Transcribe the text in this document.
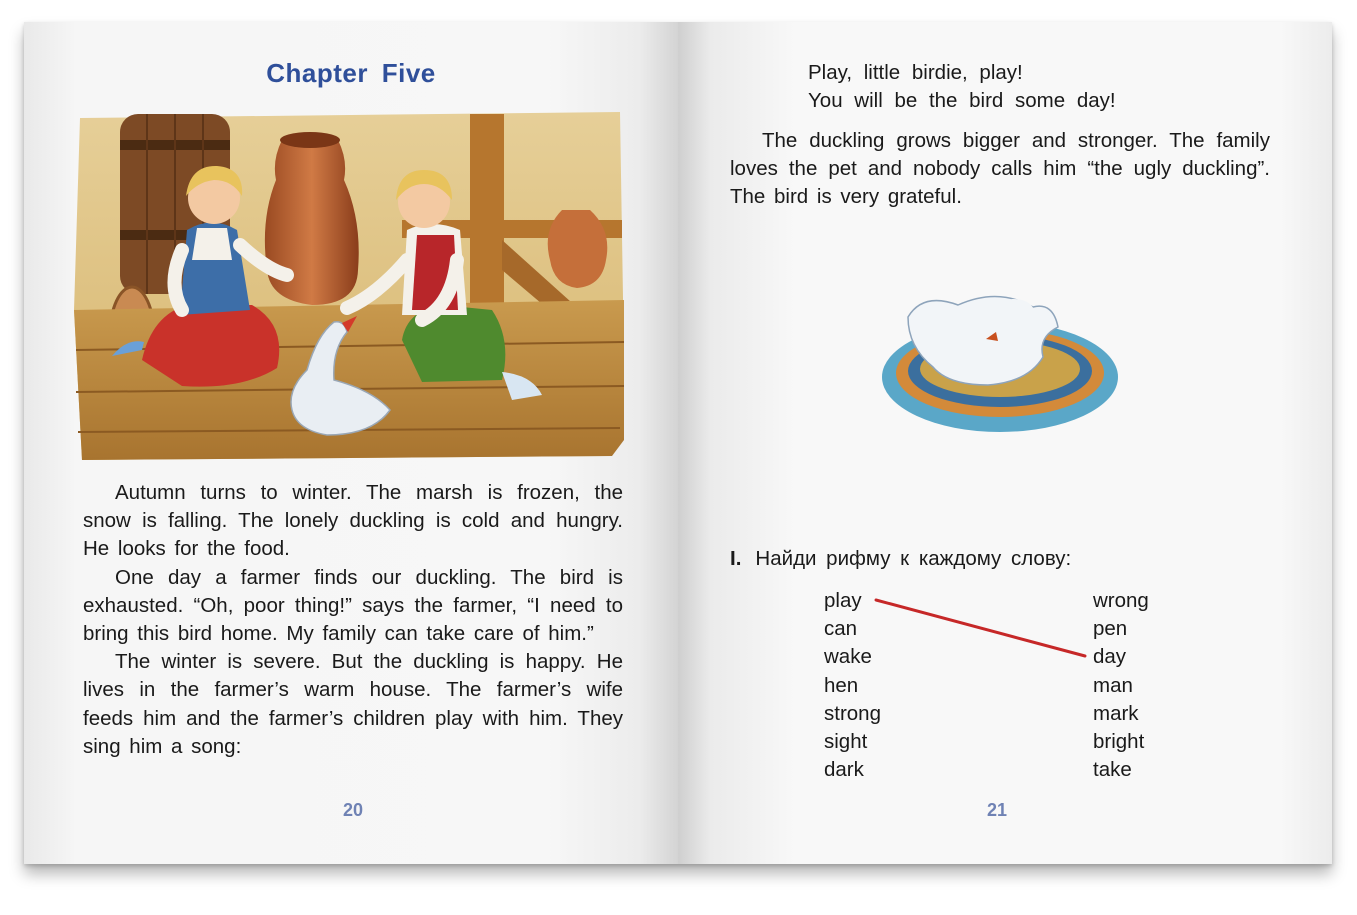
Chapter Five

Autumn turns to winter. The marsh is frozen, the snow is falling. The lonely duckling is cold and hungry. He looks for the food.

One day a farmer finds our duckling. The bird is exhausted. “Oh, poor thing!” says the farmer, “I need to bring this bird home. My family can take care of him.”

The winter is severe. But the duckling is happy. He lives in the farmer’s warm house. The farmer’s wife feeds him and the farmer’s children play with him. They sing him a song:

20
Play, little birdie, play!
You will be the bird some day!

The duckling grows bigger and stronger. The family loves the pet and nobody calls him “the ugly duckling”. The bird is very grateful.

I. Найди рифму к каждому слову:
play
can
wake
hen
strong
sight
dark
wrong
pen
day
man
mark
bright
take
21
